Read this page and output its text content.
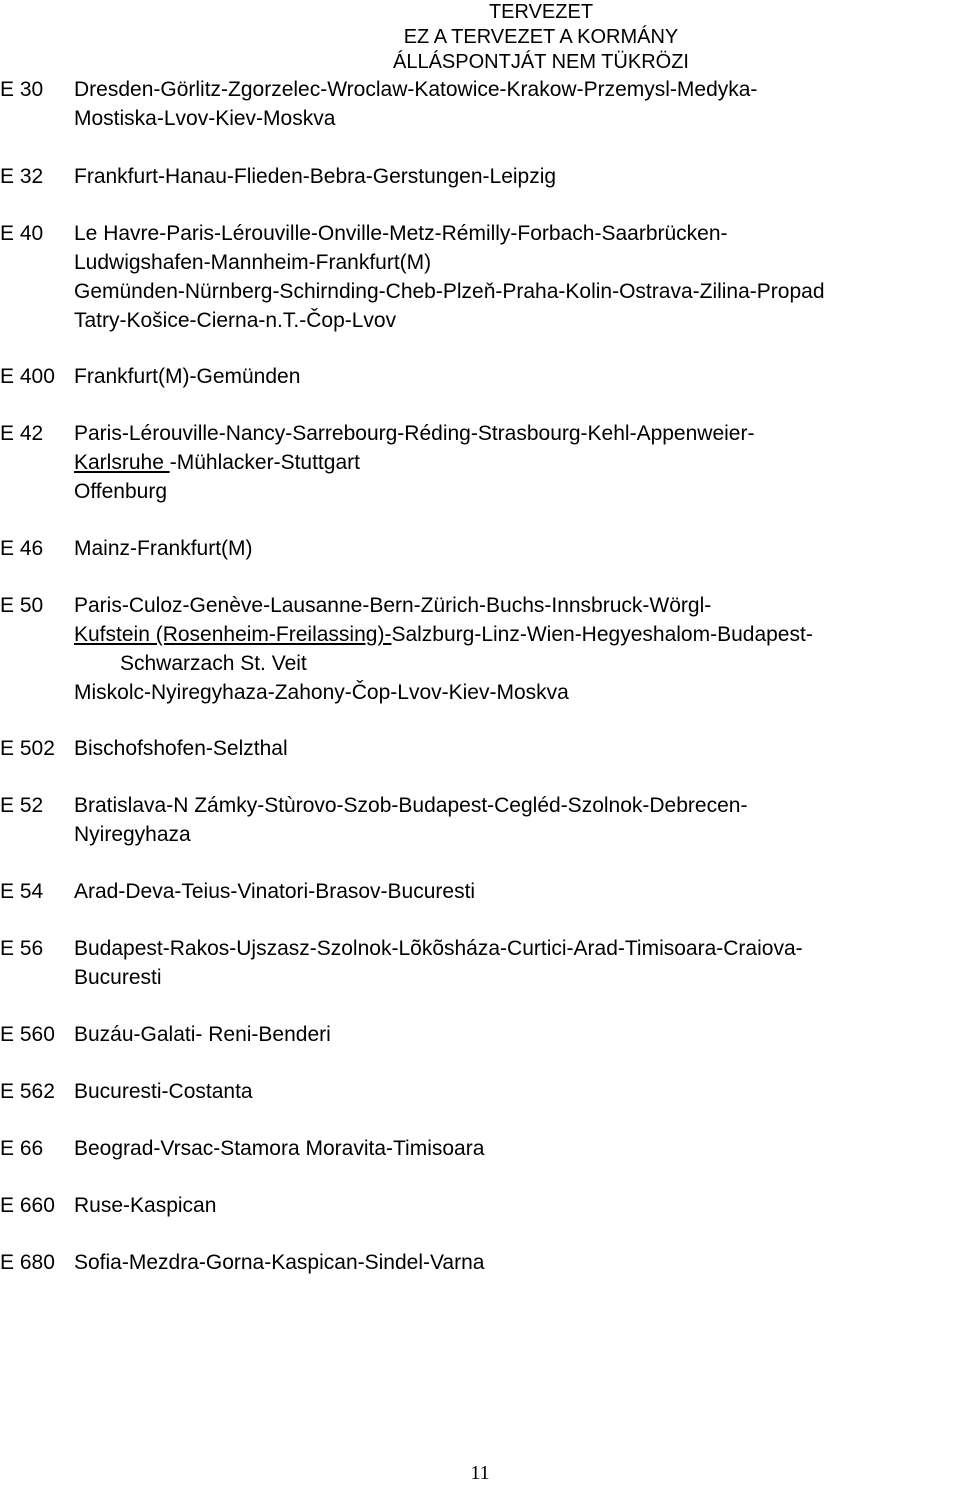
TERVEZET
EZ A TERVEZET A KORMÁNY
ÁLLÁSPONTJÁT NEM TÜKRÖZI
E 30 Dresden-Görlitz-Zgorzelec-Wroclaw-Katowice-Krakow-Przemysl-Medyka-
Mostiska-Lvov-Kiev-Moskva
E 32 Frankfurt-Hanau-Flieden-Bebra-Gerstungen-Leipzig
E 40 Le Havre-Paris-Lérouville-Onville-Metz-Rémilly-Forbach-Saarbrücken-
Ludwigshafen-Mannheim-Frankfurt(M)
Gemünden-Nürnberg-Schirnding-Cheb-Plzeň-Praha-Kolin-Ostrava-Zilina-Propad
Tatry-Košice-Cierna-n.T.-Čop-Lvov
E 400 Frankfurt(M)-Gemünden
E 42 Paris-Lérouville-Nancy-Sarrebourg-Réding-Strasbourg-Kehl-Appenweier-
Karlsruhe -Mühlacker-Stuttgart
Offenburg
E 46 Mainz-Frankfurt(M)
E 50 Paris-Culoz-Genève-Lausanne-Bern-Zürich-Buchs-Innsbruck-Wörgl-
Kufstein (Rosenheim-Freilassing)-Salzburg-Linz-Wien-Hegyeshalom-Budapest-
Schwarzach St. Veit
Miskolc-Nyiregyhaza-Zahony-Čop-Lvov-Kiev-Moskva
E 502 Bischofshofen-Selzthal
E 52 Bratislava-N Zámky-Stùrovo-Szob-Budapest-Cegléd-Szolnok-Debrecen-
Nyiregyhaza
E 54 Arad-Deva-Teius-Vinatori-Brasov-Bucuresti
E 56 Budapest-Rakos-Ujszasz-Szolnok-Lõkõsháza-Curtici-Arad-Timisoara-Craiova-
Bucuresti
E 560 Buzáu-Galati- Reni-Benderi
E 562 Bucuresti-Costanta
E 66 Beograd-Vrsac-Stamora Moravita-Timisoara
E 660 Ruse-Kaspican
E 680 Sofia-Mezdra-Gorna-Kaspican-Sindel-Varna
11
